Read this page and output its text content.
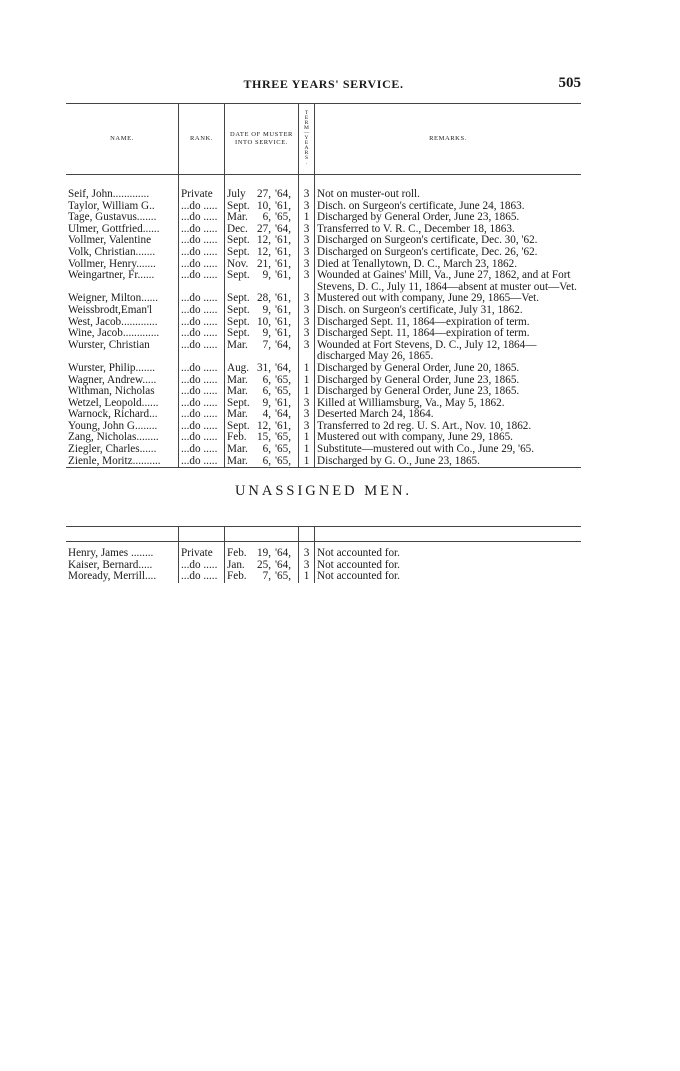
THREE YEARS' SERVICE.	505
NAME.	RANK.	DATE OF MUSTER
INTO SERVICE.	TERM—YEARS.	REMARKS.

Seif, John.............	Private	July 27, '64,	3	Not on muster-out roll.
Taylor, William G..	...do .....	Sept. 10, '61,	3	Disch. on Surgeon's certificate, June 24, 1863.
Tage, Gustavus.......	...do .....	Mar. 6, '65,	1	Discharged by General Order, June 23, 1865.
Ulmer, Gottfried......	...do .....	Dec. 27, '64,	3	Transferred to V. R. C., December 18, 1863.
Vollmer, Valentine	...do .....	Sept. 12, '61,	3	Discharged on Surgeon's certificate, Dec. 30, '62.
Volk, Christian.......	...do .....	Sept. 12, '61,	3	Discharged on Surgeon's certificate, Dec. 26, '62.
Vollmer, Henry.......	...do .....	Nov. 21, '61,	3	Died at Tenallytown, D. C., March 23, 1862.
Weingartner, Fr......	...do .....	Sept. 9, '61,	3	Wounded at Gaines' Mill, Va., June 27, 1862, and at Fort Stevens, D. C., July 11, 1864—absent at muster out—Vet.
Weigner, Milton......	...do .....	Sept. 28, '61,	3	Mustered out with company, June 29, 1865—Vet.
Weissbrodt,Eman'l	...do .....	Sept. 9, '61,	3	Disch. on Surgeon's certificate, July 31, 1862.
West, Jacob.............	...do .....	Sept. 10, '61,	3	Discharged Sept. 11, 1864—expiration of term.
Wine, Jacob.............	...do .....	Sept. 9, '61,	3	Discharged Sept. 11, 1864—expiration of term.
Wurster, Christian	...do .....	Mar. 7, '64,	3	Wounded at Fort Stevens, D. C., July 12, 1864—discharged May 26, 1865.
Wurster, Philip.......	...do .....	Aug. 31, '64,	1	Discharged by General Order, June 20, 1865.
Wagner, Andrew.....	...do .....	Mar. 6, '65,	1	Discharged by General Order, June 23, 1865.
Withman, Nicholas	...do .....	Mar. 6, '65,	1	Discharged by General Order, June 23, 1865.
Wetzel, Leopold......	...do .....	Sept. 9, '61,	3	Killed at Williamsburg, Va., May 5, 1862.
Warnock, Richard...	...do .....	Mar. 4, '64,	3	Deserted March 24, 1864.
Young, John G........	...do .....	Sept. 12, '61,	3	Transferred to 2d reg. U. S. Art., Nov. 10, 1862.
Zang, Nicholas........	...do .....	Feb. 15, '65,	1	Mustered out with company, June 29, 1865.
Ziegler, Charles......	...do .....	Mar. 6, '65,	1	Substitute—mustered out with Co., June 29, '65.
Zienle, Moritz..........	...do .....	Mar. 6, '65,	1	Discharged by G. O., June 23, 1865.
UNASSIGNED MEN.

Henry, James ........	Private	Feb. 19, '64,	3	Not accounted for.
Kaiser, Bernard.....	...do .....	Jan. 25, '64,	3	Not accounted for.
Moready, Merrill....	...do .....	Feb. 7, '65,	1	Not accounted for.
